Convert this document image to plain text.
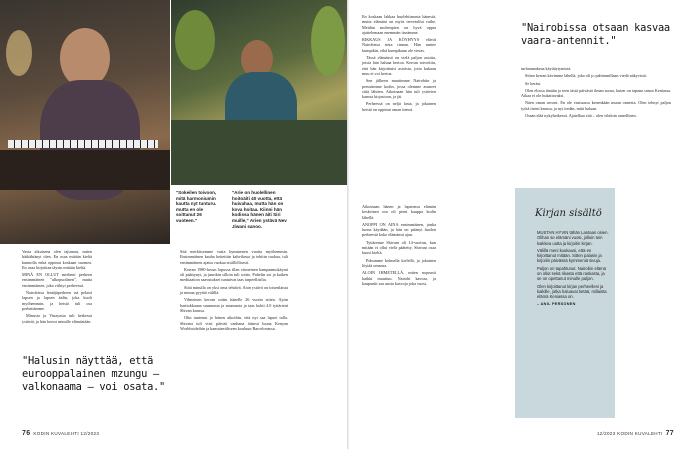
"Sokeilen toivoon, mitä harmoniumin kautta nyt tunturu. mutta en ole soittanut 26 vuoteen."
"Arie on huolellinen hoitoäiti 40 vuotta, että huivahaa, mutta hän on kova hoitaa. Kiinni hän kodissa hänen äiti Siri muille," Arien ystävä Nev Jiwani sanoo.

Vasta aikuisena olen tajunnut, miten hätkähtänyt olen. En osaa mitään kieltä kunnolla enkä oppinut koskaan suomea. En osaa kirjoittaa täysin mitään kieltä.

MINÄ EN OLLUT mieheni perheen ensimmäinen "ulkopuolinen", mutta ensimmäinen, joka viihtyi perheessä.

Nairobissa lentäjäperheen isä pelasti lapsen ja lapsen äidin, joka kuoli myöhemmin, ja heistä tuli osa perhettämme.

Minusta ja Vinayasta tuli hetkessä ystäviä, ja hän kertoi minulle elämästään.

"Halusin näyttää, että eurooppalainen mzungu – valkonaama – voi osata."

Sitä merkitsemme vasta kymmenen vuotta myöhemmin. Ensimmäinen kauha keitettiin kahvilassa ja tehtiin ruokaa, tuli ensimmäinen ajatus ruokaa sisällöllisesti.

Kerran 1980-luvun lopussa illan viimeinen kampaamokäynti oli päättynyt, ja juurikin silloin tuli soitto. Puhelin soi ja kaiken meditaation saavutukset tuntuivat taas tarpeellisilta.

Siitä minulla on yksi oma tehtävä. Aion ystävä on toisenlaista ja minua pyytää välillä.

Vilmeinen kerran soitin hänelle 26 vuotta sitten. Ajoin hartiokkaana suunnasta ja suunnasta ja taas kohti 4.0 tyttärieni Shivan kanssa.

Olin tuntenut jo hänen aikoihin, että nyt saa lapset tulla. Shivani tuli viisi päivää vanhana äitinsä luona Kenyan Worldwideihin ja kansainväliseen kouluun Barcelonassa.

76 KODIN KUVALEHTI 12/2023

En koskaan lakkaa huolehtimasta hänestä, mutta elämäni on myös tervetullut vaihe. Meidän molempien on hyvä oppia ajattelemaan enemmän itseämme.

RIKKAUS JA KÖYHYYS elävät Nairobissa rinta rinnan. Hän tuntee kumpikin, eikä kumpikaan ole vieras.

Tässä elämässä on vielä paljon asioita, joista hän haluaa kertoa. Kerran toivottiin, että hän kirjoittaisi asioista, joita kukaan muu ei voi kertoa.

Sen jälkeen muutimme Nairobiin ja perustimme kodin, jossa olemme asuneet siitä lähtien. Aikoinaan hän tuli ystävien kanssa kirjastoon, ja jäi.

Perheessä on neljä lasta, ja jokainen heistä on oppinut oman tiensä.

Aikoinaan hänen ja lapsiensa elämän keskeinen osa oli pieni kauppa kodin lähellä.

ANOPPI ON AINA ensimmäinen, jonka luona käydään, ja hän on pitänyt huolen perheestä koko elämänsä ajan.

Tyttärenne Shivani oli 14-vuotias, kun mitään ei ollut vielä päätetty. Shivani osaa kuusi kieltä.

Puhumme kolmella kielellä, ja jokainen löytää omansa.

ALOIN IHMETELLÄ, miten nopeasti kaikki muuttuu. Nairobi kasvaa, ja kaupunki saa uusia kasvoja joka vuosi.

"Nairobissa otsaan kasvaa vaara-antennit."

turhanmakeaa käyttäytymistä.

Sitten kerran kävimme lähellä, joka oli jo pahimmillaan viedä näkyvistä.

Se heräsi.

Olen elossa tänään ja teen tästä päivästä ilman surua, kuten on tapana sanoa Keniassa. Aikaa ei ole hukattavaksi.

Näen oman arvoni. En ole vastuussa kenenkään muun onnesta. Olen tehnyt paljon työtä itseni kanssa, ja nyt tiedän, mitä haluan.

Osaan elää nykyhetkessä. Ajatelkaa sitä – olen vihdoin onnellinen.

Kirjan sisältö

MUSTAN HYVIN tähän Lantaan osien. Olihan se elämäni vuosi, jolloin tein kaikkea uutta ja kirjoitin kirjan.

Välillä meni kuukausi, että en kirjoittanut mitään. Sitten palasin ja kirjoitin päivässä kymmeniä sivuja.

Paljon on tapahtunut. Nairobin elämä on ollut sekä rikasta että raskasta, ja se on opettanut minulle paljon.

Olen kirjoittanut kirjan perheelleni ja kaikille, jotka haluavat tietää, millaista elämä Keniassa on.

– ANIL PERSONEN

12/2023 KODIN KUVALEHTI 77
